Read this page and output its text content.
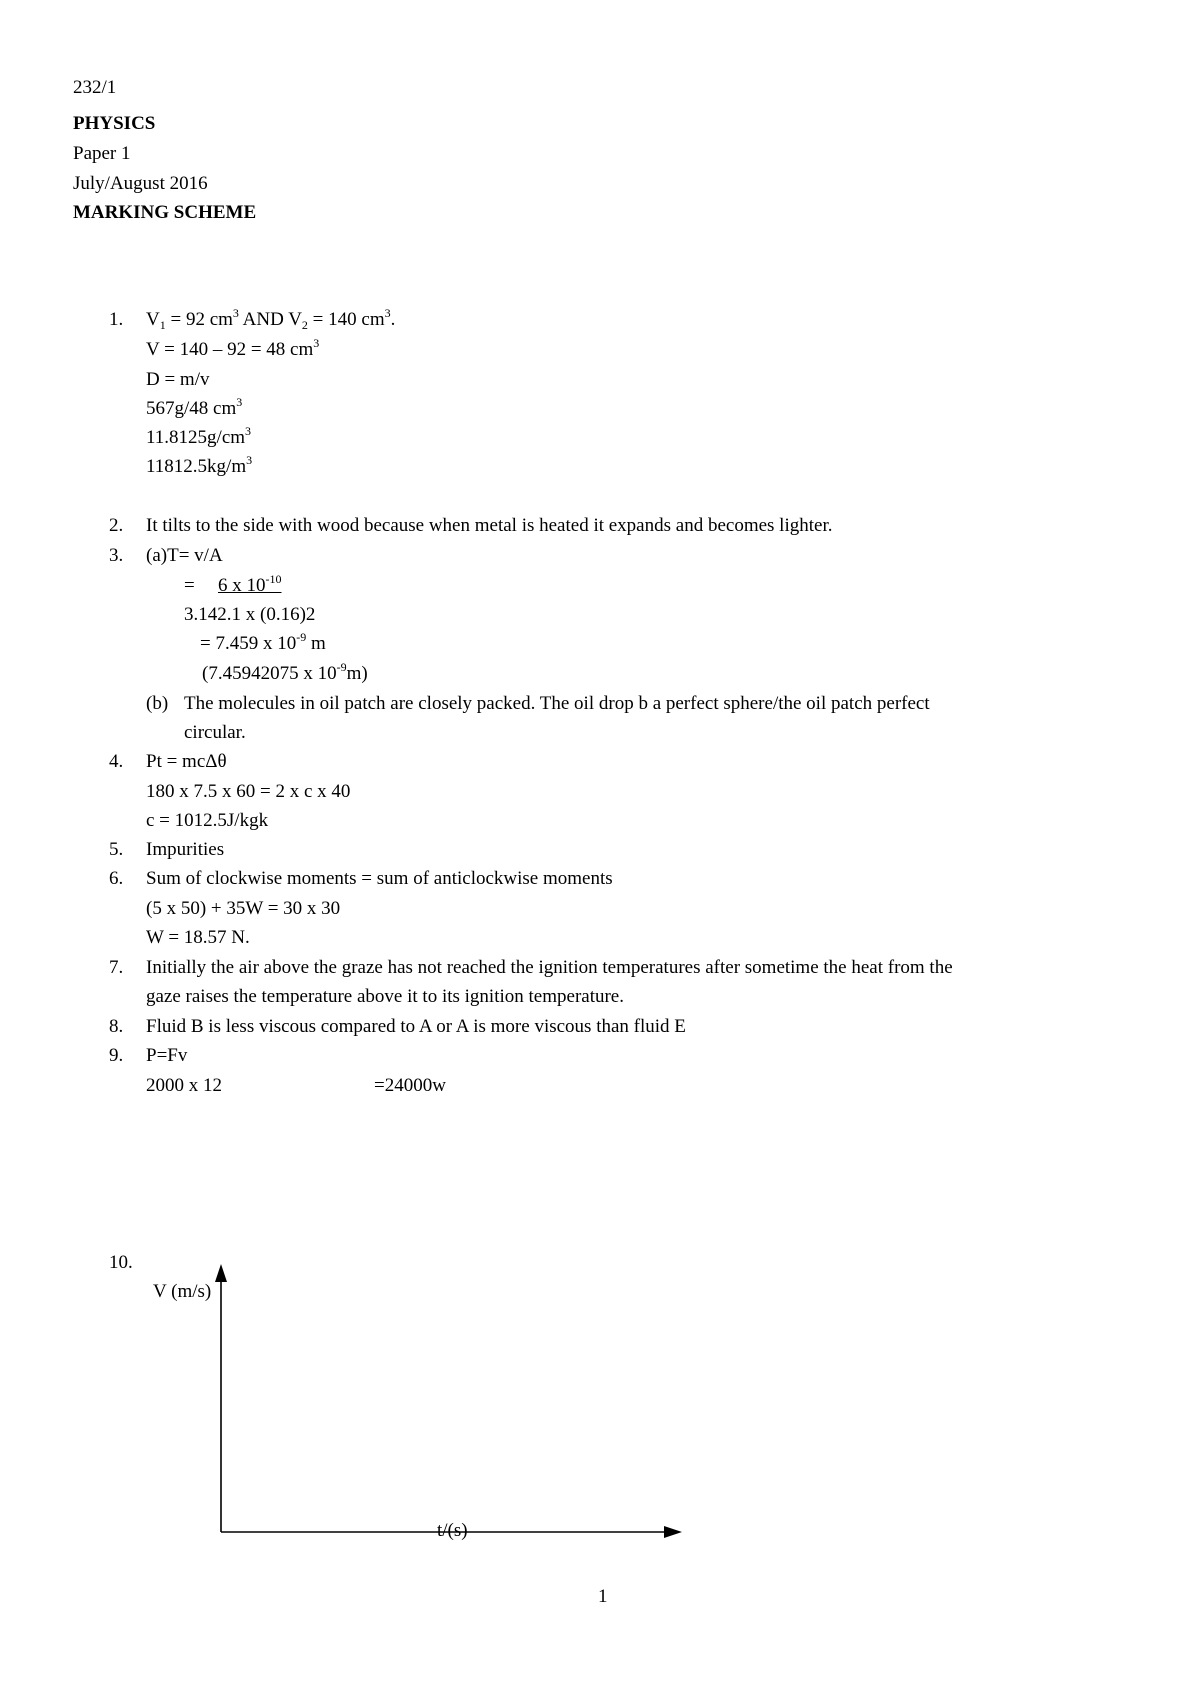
232/1
PHYSICS
Paper 1
July/August 2016
MARKING SCHEME
1. $V_1 = 92$ $cm^3$ AND $V_2 = 140$ $cm^3$.
V = 140 – 92 = 48 $cm^3$
D = m/v
567g/48 $cm^3$
$11.8125g/cm^3$
$11812.5kg/m^3$
2. It tilts to the side with wood because when metal is heated it expands and becomes lighter.
3. (a)T= v/A
= 6 x $10^{-10}$
3.142.1 x (0.16)2
= 7.459 x $10^{-9}$ m
(7.45942075 x $10^{-9}m$)
(b) The molecules in oil patch are closely packed. The oil drop b a perfect sphere/the oil patch perfect
circular.
4. Pt = mcΔθ
180 x 7.5 x 60 = 2 x c x 40
c = 1012.5J/kgk
5. Impurities
6. Sum of clockwise moments = sum of anticlockwise moments
(5 x 50) + 35W = 30 x 30
W = 18.57 N.
7. Initially the air above the graze has not reached the ignition temperatures after sometime the heat from the
gaze raises the temperature above it to its ignition temperature.
8. Fluid B is less viscous compared to A or A is more viscous than fluid E
9. P=Fv
2000 x 12	=24000w
10.
V (m/s)
t/(s)
1
